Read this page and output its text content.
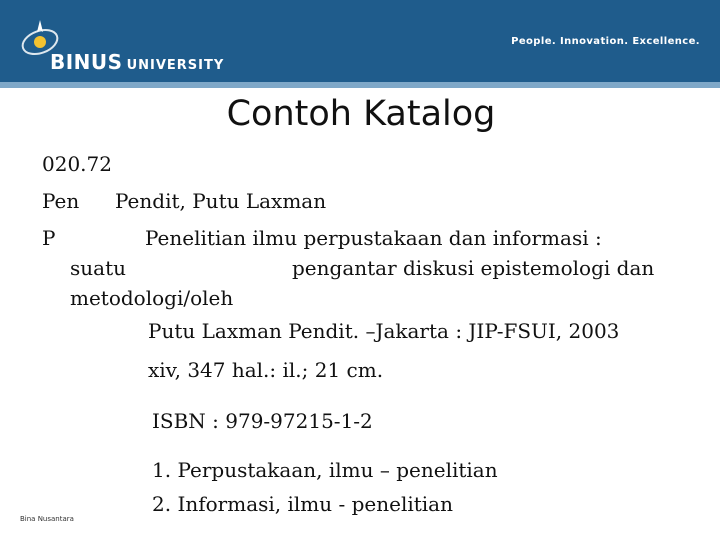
BINUS UNIVERSITY
People. Innovation. Excellence.
Contoh Katalog
020.72
Pen Pendit, Putu Laxman
P	Penelitian ilmu perpustakaan dan informasi :
suatu	pengantar diskusi epistemologi dan
metodologi/oleh
Putu Laxman Pendit. –Jakarta : JIP-FSUI, 2003
xiv, 347 hal.: il.; 21 cm.
ISBN : 979-97215-1-2
1. Perpustakaan, ilmu – penelitian
2. Informasi, ilmu - penelitian
Bina Nusantara
